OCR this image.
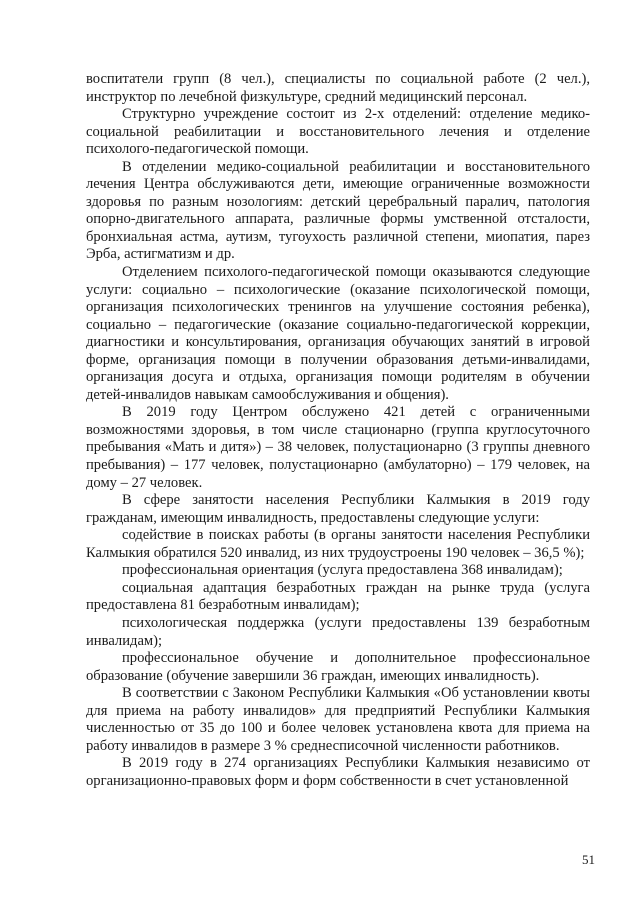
воспитатели групп (8 чел.), специалисты по социальной работе (2 чел.), инструктор по лечебной физкультуре, средний медицинский персонал.

Структурно учреждение состоит из 2-х отделений: отделение медико-социальной реабилитации и восстановительного лечения и отделение психолого-педагогической помощи.

В отделении медико-социальной реабилитации и восстановительного лечения Центра обслуживаются дети, имеющие ограниченные возможности здоровья по разным нозологиям: детский церебральный паралич, патология опорно-двигательного аппарата, различные формы умственной отсталости, бронхиальная астма, аутизм, тугоухость различной степени, миопатия, парез Эрба, астигматизм и др.

Отделением психолого-педагогической помощи оказываются следующие услуги: социально – психологические (оказание психологической помощи, организация психологических тренингов на улучшение состояния ребенка), социально – педагогические (оказание социально-педагогической коррекции, диагностики и консультирования, организация обучающих занятий в игровой форме, организация помощи в получении образования детьми-инвалидами, организация досуга и отдыха, организация помощи родителям в обучении детей-инвалидов навыкам самообслуживания и общения).

В 2019 году Центром обслужено 421 детей с ограниченными возможностями здоровья, в том числе стационарно (группа круглосуточного пребывания «Мать и дитя») – 38 человек, полустационарно (3 группы дневного пребывания) – 177 человек, полустационарно (амбулаторно) – 179 человек, на дому – 27 человек.

В сфере занятости населения Республики Калмыкия в 2019 году гражданам, имеющим инвалидность, предоставлены следующие услуги:

содействие в поисках работы (в органы занятости населения Республики Калмыкия обратился 520 инвалид, из них трудоустроены 190 человек – 36,5 %);

профессиональная ориентация (услуга предоставлена 368 инвалидам);

социальная адаптация безработных граждан на рынке труда (услуга предоставлена 81 безработным инвалидам);

психологическая поддержка (услуги предоставлены 139 безработным инвалидам);

профессиональное обучение и дополнительное профессиональное образование (обучение завершили 36 граждан, имеющих инвалидность).

В соответствии с Законом Республики Калмыкия «Об установлении квоты для приема на работу инвалидов» для предприятий Республики Калмыкия численностью от 35 до 100 и более человек установлена квота для приема на работу инвалидов в размере 3 % среднесписочной численности работников.

В 2019 году в 274 организациях Республики Калмыкия независимо от организационно-правовых форм и форм собственности в счет установленной

51
